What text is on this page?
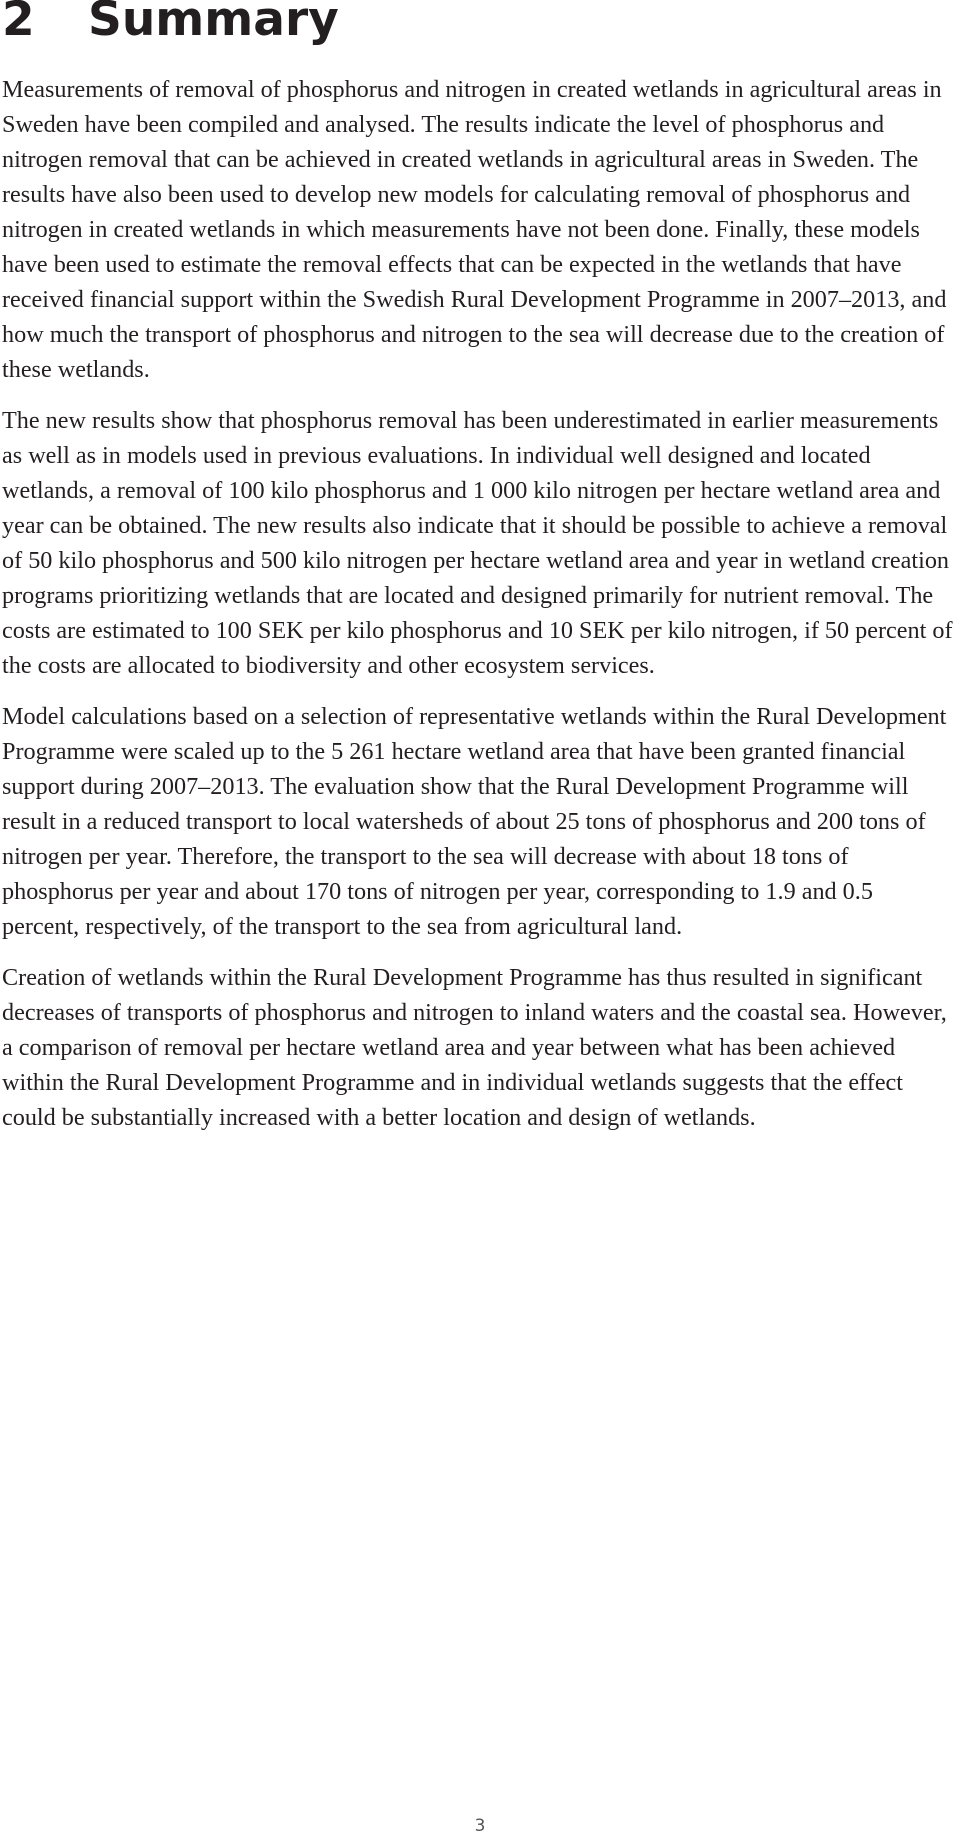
2 Summary

Measurements of removal of phosphorus and nitrogen in created wetlands in agricultural areas in Sweden have been compiled and analysed. The results indicate the level of phosphorus and nitrogen removal that can be achieved in created wetlands in agricultural areas in Sweden. The results have also been used to develop new models for calculating removal of phosphorus and nitrogen in created wetlands in which measurements have not been done. Finally, these models have been used to estimate the removal effects that can be expected in the wetlands that have received financial support within the Swedish Rural Development Programme in 2007–2013, and how much the transport of phosphorus and nitrogen to the sea will decrease due to the creation of these wetlands.

The new results show that phosphorus removal has been underestimated in earlier measurements as well as in models used in previous evaluations. In individual well designed and located wetlands, a removal of 100 kilo phosphorus and 1 000 kilo nitrogen per hectare wetland area and year can be obtained. The new results also indicate that it should be possible to achieve a removal of 50 kilo phosphorus and 500 kilo nitrogen per hectare wetland area and year in wetland creation programs prioritizing wetlands that are located and designed primarily for nutrient removal. The costs are estimated to 100 SEK per kilo phosphorus and 10 SEK per kilo nitrogen, if 50 percent of the costs are allocated to biodiversity and other ecosystem services.

Model calculations based on a selection of representative wetlands within the Rural Development Programme were scaled up to the 5 261 hectare wetland area that have been granted financial support during 2007–2013. The evaluation show that the Rural Development Programme will result in a reduced transport to local watersheds of about 25 tons of phosphorus and 200 tons of nitrogen per year. Therefore, the transport to the sea will decrease with about 18 tons of phosphorus per year and about 170 tons of nitrogen per year, corresponding to 1.9 and 0.5 percent, respectively, of the transport to the sea from agricultural land.

Creation of wetlands within the Rural Development Programme has thus resulted in significant decreases of transports of phosphorus and nitrogen to inland waters and the coastal sea. However, a comparison of removal per hectare wetland area and year between what has been achieved within the Rural Development Programme and in individual wetlands suggests that the effect could be substantially increased with a better location and design of wetlands.

3
